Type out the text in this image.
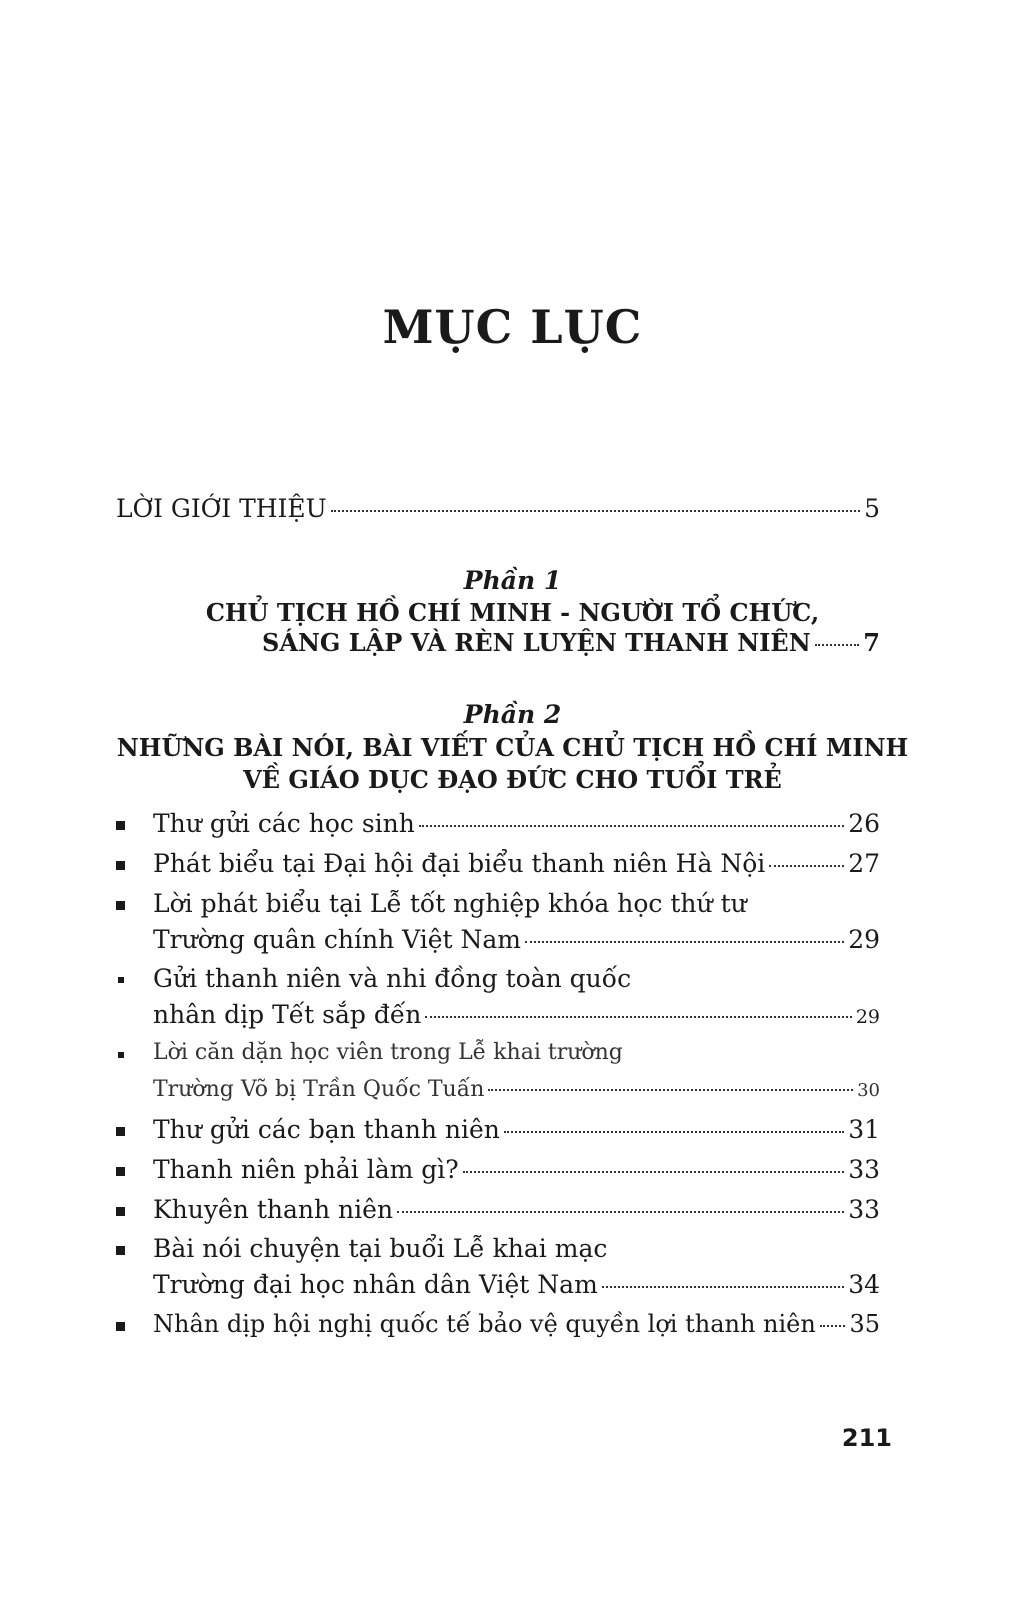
MỤC LỤC
LỜI GIỚI THIỆU	5
Phần 1
CHỦ TỊCH HỒ CHÍ MINH - NGƯỜI TỔ CHỨC,
SÁNG LẬP VÀ RÈN LUYỆN THANH NIÊN 7
Phần 2
NHỮNG BÀI NÓI, BÀI VIẾT CỦA CHỦ TỊCH HỒ CHÍ MINH
VỀ GIÁO DỤC ĐẠO ĐỨC CHO TUỔI TRẺ
Thư gửi các học sinh	26
Phát biểu tại Đại hội đại biểu thanh niên Hà Nội	27
Lời phát biểu tại Lễ tốt nghiệp khóa học thứ tư
Trường quân chính Việt Nam	29
Gửi thanh niên và nhi đồng toàn quốc
nhân dịp Tết sắp đến	29
Lời căn dặn học viên trong Lễ khai trường
Trường Võ bị Trần Quốc Tuấn	30
Thư gửi các bạn thanh niên	31
Thanh niên phải làm gì?	33
Khuyên thanh niên	33
Bài nói chuyện tại buổi Lễ khai mạc
Trường đại học nhân dân Việt Nam	34
Nhân dịp hội nghị quốc tế bảo vệ quyền lợi thanh niên 35
211
